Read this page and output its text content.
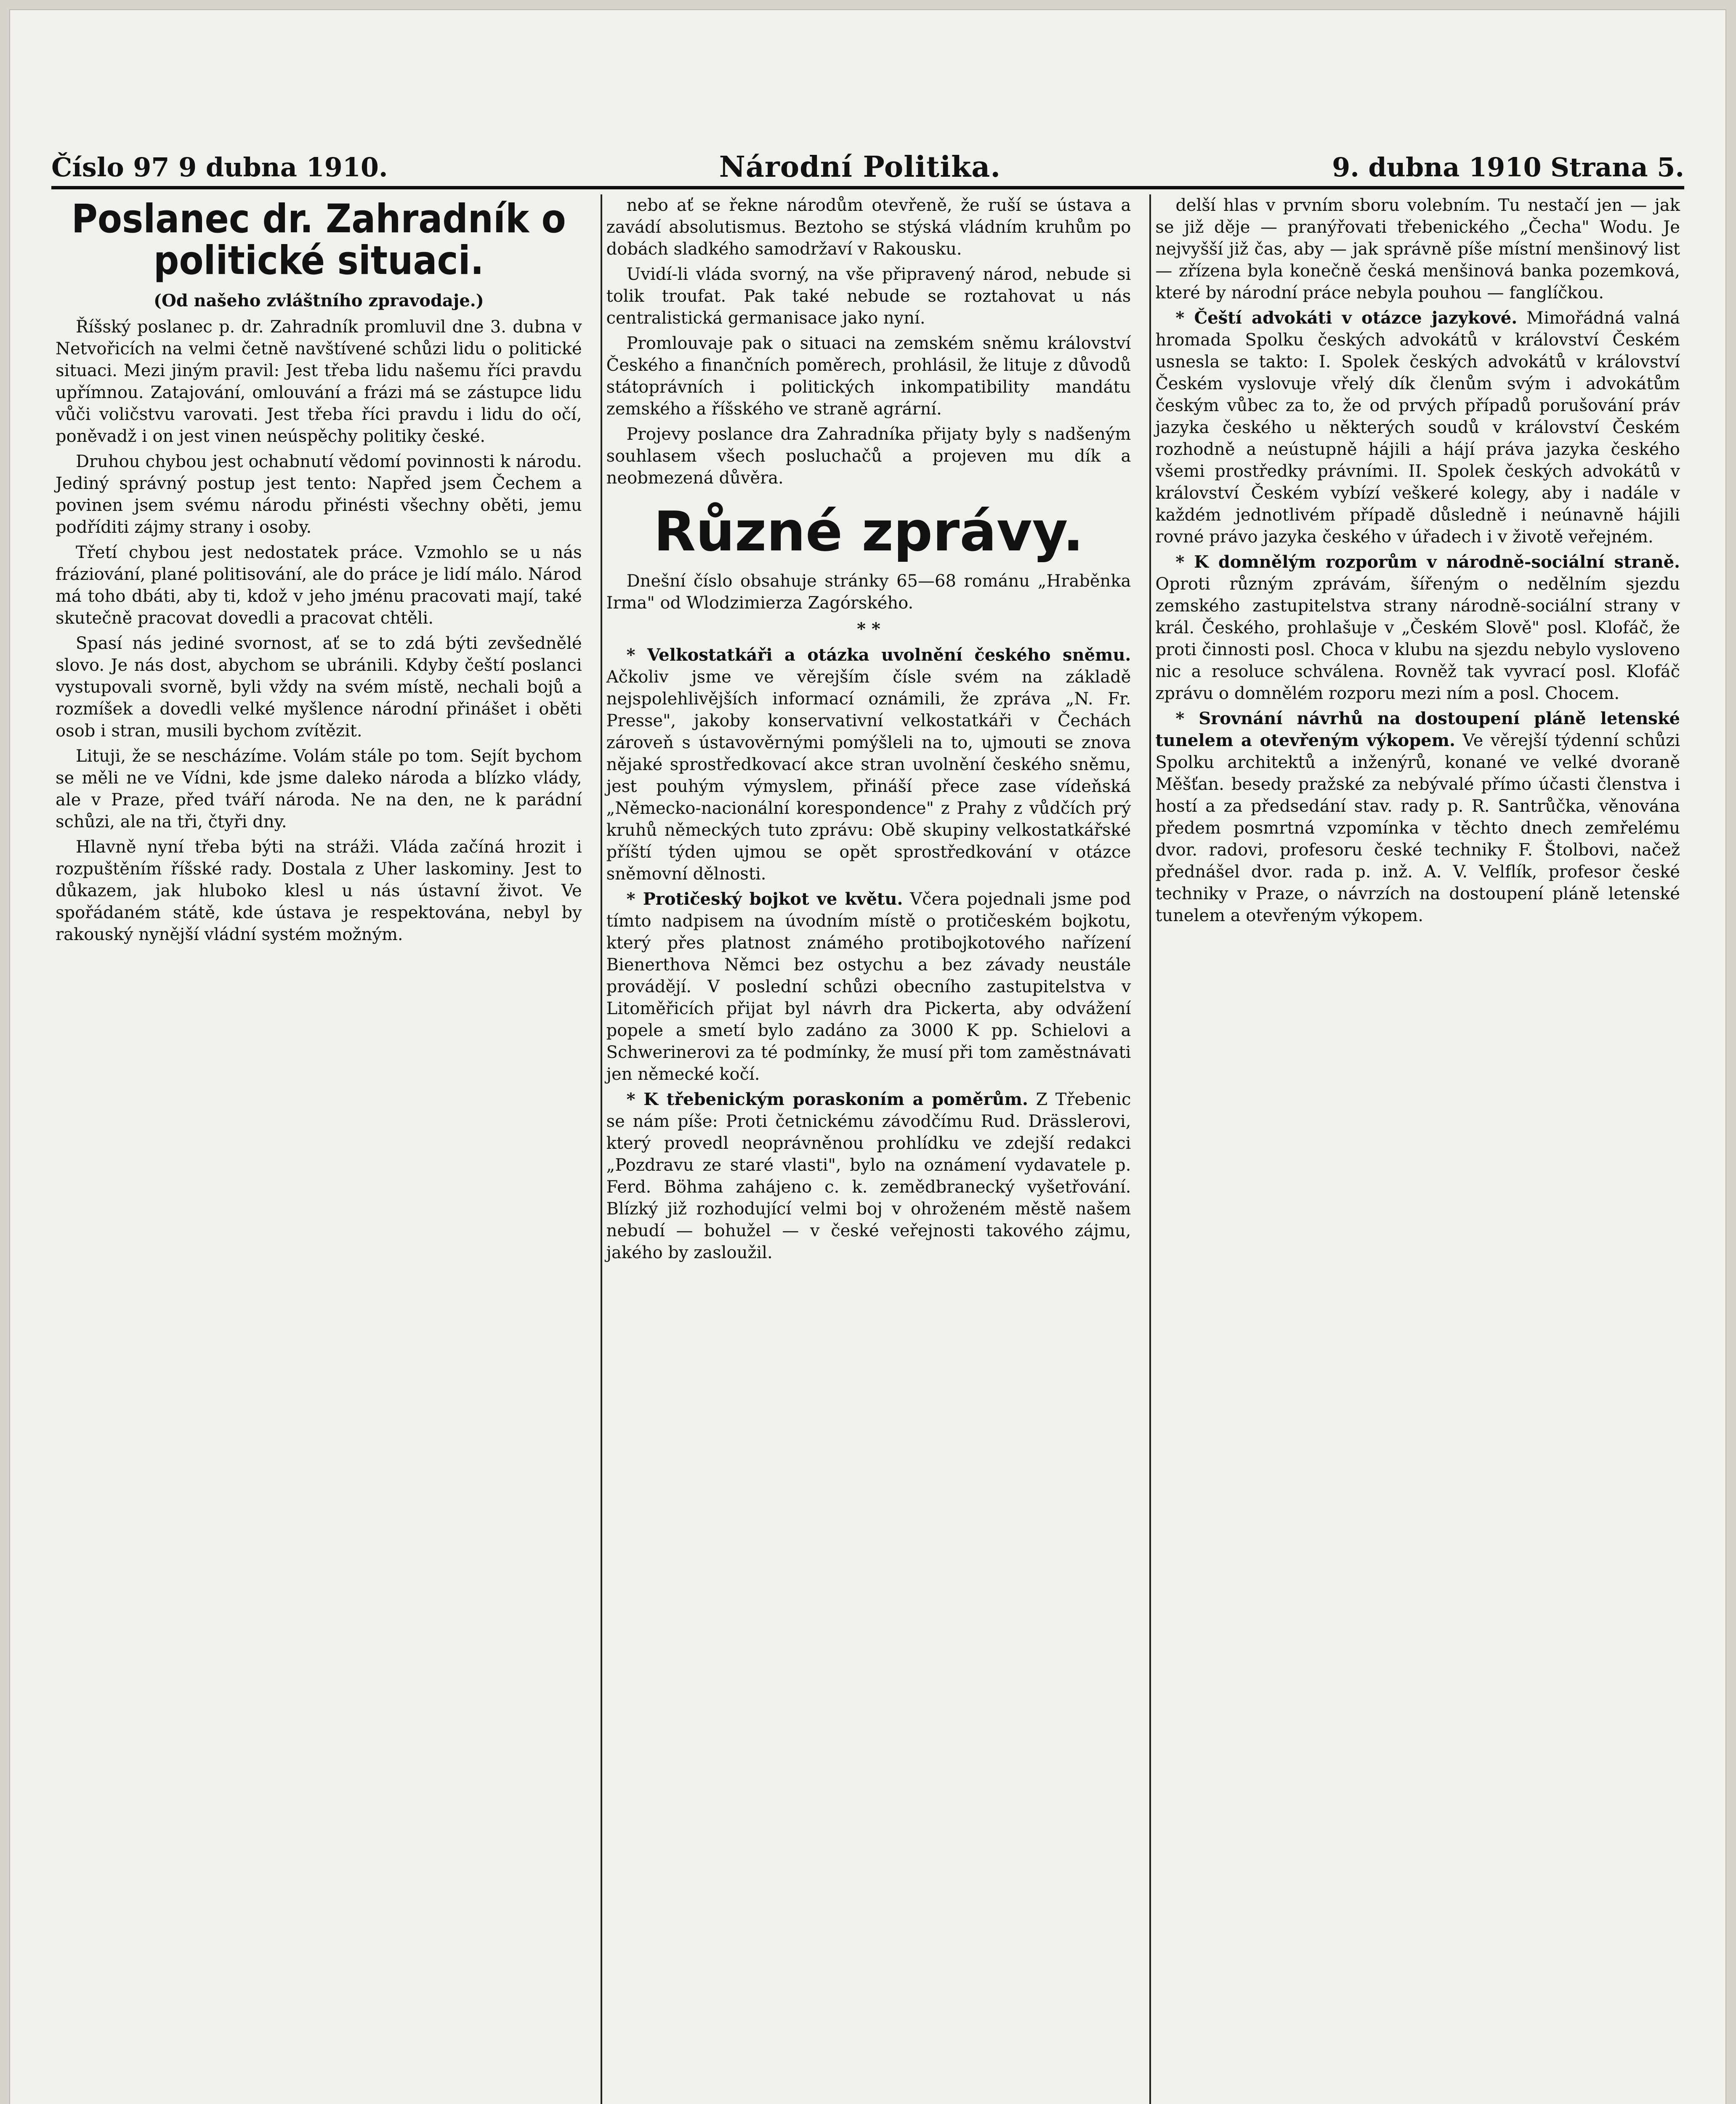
Číslo 97 9 dubna 1910.	Národní Politika.	9. dubna 1910 Strana 5.
Poslanec dr. Zahradník o politické situaci.
(Od našeho zvláštního zpravodaje.)

Říšský poslanec p. dr. Zahradník promluvil dne 3. dubna v Netvořicích na velmi četně navštívené schůzi lidu o politické situaci. Mezi jiným pravil: Jest třeba lidu našemu říci pravdu upřímnou. Zatajování, omlouvání a frázi má se zástupce lidu vůči voličstvu varovati. Jest třeba říci pravdu i lidu do očí, poněvadž i on jest vinen neúspěchy politiky české.

Druhou chybou jest ochabnutí vědomí povinnosti k národu. Jediný správný postup jest tento: Napřed jsem Čechem a povinen jsem svému národu přinésti všechny oběti, jemu podříditi zájmy strany i osoby.

Třetí chybou jest nedostatek práce. Vzmohlo se u nás fráziování, plané politisování, ale do práce je lidí málo. Národ má toho dbáti, aby ti, kdož v jeho jménu pracovati mají, také skutečně pracovat dovedli a pracovat chtěli.

Spasí nás jediné svornost, ať se to zdá býti zevšednělé slovo. Je nás dost, abychom se ubránili. Kdyby čeští poslanci vystupovali svorně, byli vždy na svém místě, nechali bojů a rozmíšek a dovedli velké myšlence národní přinášet i oběti osob i stran, musili bychom zvítězit.

Lituji, že se nescházíme. Volám stále po tom. Sejít bychom se měli ne ve Vídni, kde jsme daleko národa a blízko vlády, ale v Praze, před tváří národa. Ne na den, ne k parádní schůzi, ale na tři, čtyři dny.

Hlavně nyní třeba býti na stráži. Vláda začíná hrozit i rozpuštěním říšské rady. Dostala z Uher laskominy. Jest to důkazem, jak hluboko klesl u nás ústavní život. Ve spořádaném státě, kde ústava je respektována, nebyl by rakouský nynější vládní systém možným.

nebo ať se řekne národům otevřeně, že ruší se ústava a zavádí absolutismus. Beztoho se stýská vládním kruhům po dobách sladkého samodržaví v Rakousku.

Uvidí-li vláda svorný, na vše připravený národ, nebude si tolik troufat. Pak také nebude se roztahovat u nás centralistická germanisace jako nyní.

Promlouvaje pak o situaci na zemském sněmu království Českého a finančních poměrech, prohlásil, že lituje z důvodů státoprávních i politických inkompatibility mandátu zemského a říšského ve straně agrární.

Projevy poslance dra Zahradníka přijaty byly s nadšeným souhlasem všech posluchačů a projeven mu dík a neobmezená důvěra.

Různé zprávy.

Dnešní číslo obsahuje stránky 65—68 románu „Hraběnka Irma" od Wlodzimierza Zagórského.

* *

* Velkostatkáři a otázka uvolnění českého sněmu. Ačkoliv jsme ve věrejším čísle svém na základě nejspolehlivějších informací oznámili, že zpráva „N. Fr. Presse", jakoby konservativní velkostatkáři v Čechách zároveň s ústavověrnými pomýšleli na to, ujmouti se znova nějaké sprostředkovací akce stran uvolnění českého sněmu, jest pouhým výmyslem, přináší přece zase vídeňská „Německo-nacionální korespondence" z Prahy z vůdčích prý kruhů německých tuto zprávu: Obě skupiny velkostatkářské příští týden ujmou se opět sprostředkování v otázce sněmovní dělnosti.

* Protičeský bojkot ve květu. Včera pojednali jsme pod tímto nadpisem na úvodním místě o protičeském bojkotu, který přes platnost známého protibojkotového nařízení Bienerthova Němci bez ostychu a bez závady neustále provádějí. V poslední schůzi obecního zastupitelstva v Litoměřicích přijat byl návrh dra Pickerta, aby odvážení popele a smetí bylo zadáno za 3000 K pp. Schielovi a Schwerinerovi za té podmínky, že musí při tom zaměstnávati jen německé kočí.

* K třebenickým poraskoním a poměrům. Z Třebenic se nám píše: Proti četnickému závodčímu Rud. Drässlerovi, který provedl neoprávněnou prohlídku ve zdejší redakci „Pozdravu ze staré vlasti", bylo na oznámení vydavatele p. Ferd. Böhma zahájeno c. k. zemědbranecký vyšetřování. Blízký již rozhodující velmi boj v ohroženém městě našem nebudí — bohužel — v české veřejnosti takového zájmu, jakého by zasloužil.

delší hlas v prvním sboru volebním. Tu nestačí jen — jak se již děje — pranýřovati třebenického „Čecha" Wodu. Je nejvyšší již čas, aby — jak správně píše místní menšinový list — zřízena byla konečně česká menšinová banka pozemková, které by národní práce nebyla pouhou — fanglíčkou.

* Čeští advokáti v otázce jazykové. Mimořádná valná hromada Spolku českých advokátů v království Českém usnesla se takto: I. Spolek českých advokátů v království Českém vyslovuje vřelý dík členům svým i advokátům českým vůbec za to, že od prvých případů porušování práv jazyka českého u některých soudů v království Českém rozhodně a neústupně hájili a hájí práva jazyka českého všemi prostředky právními. II. Spolek českých advokátů v království Českém vybízí veškeré kolegy, aby i nadále v každém jednotlivém případě důsledně i neúnavně hájili rovné právo jazyka českého v úřadech i v životě veřejném.

* K domnělým rozporům v národně-sociální straně. Oproti různým zprávám, šířeným o nedělním sjezdu zemského zastupitelstva strany národně-sociální strany v král. Českého, prohlašuje v „Českém Slově" posl. Klofáč, že proti činnosti posl. Choca v klubu na sjezdu nebylo vysloveno nic a resoluce schválena. Rovněž tak vyvrací posl. Klofáč zprávu o domnělém rozporu mezi ním a posl. Chocem.

* Srovnání návrhů na dostoupení pláně letenské tunelem a otevřeným výkopem. Ve věrejší týdenní schůzi Spolku architektů a inženýrů, konané ve velké dvoraně Měšťan. besedy pražské za nebývalé přímo účasti členstva i hostí a za předsedání stav. rady p. R. Santrůčka, věnována předem posmrtná vzpomínka v těchto dnech zemřelému dvor. radovi, profesoru české techniky F. Štolbovi, načež přednášel dvor. rada p. inž. A. V. Velflík, profesor české techniky v Praze, o návrzích na dostoupení pláně letenské tunelem a otevřeným výkopem.
